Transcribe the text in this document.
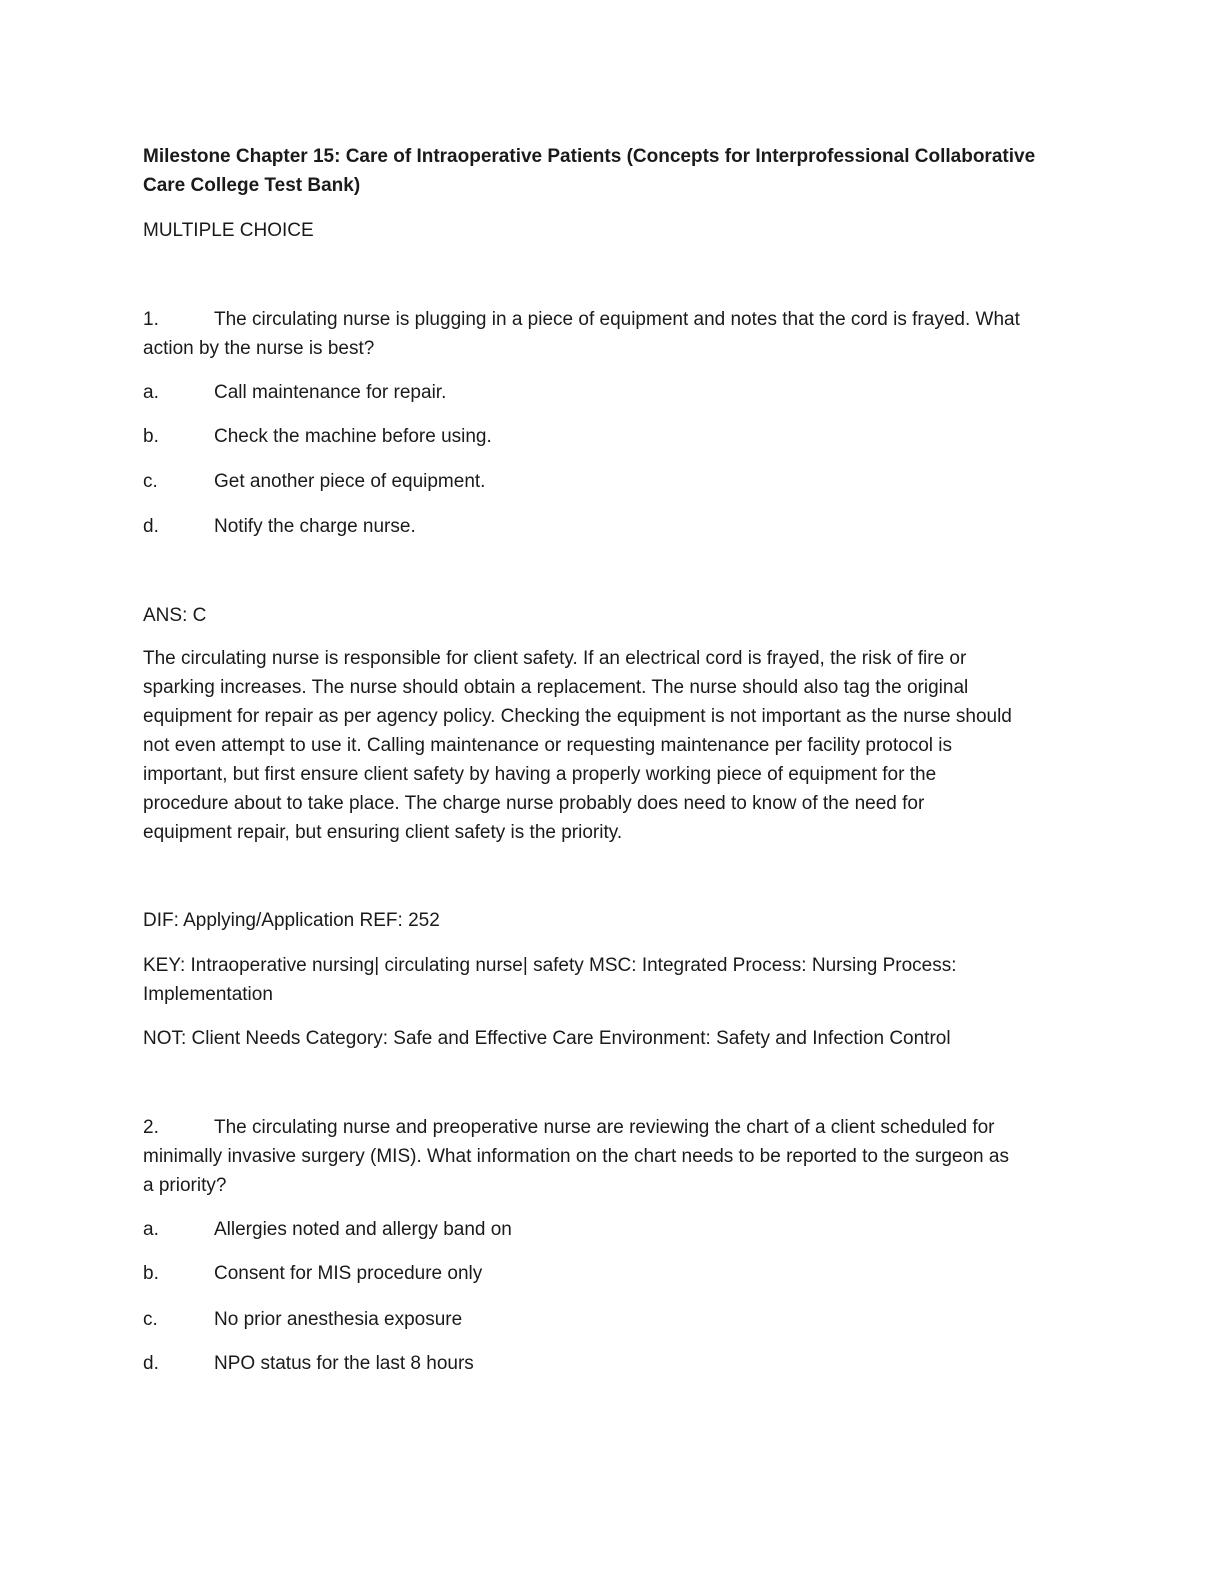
Milestone Chapter 15: Care of Intraoperative Patients (Concepts for Interprofessional Collaborative
Care College Test Bank)
MULTIPLE CHOICE
1.	The circulating nurse is plugging in a piece of equipment and notes that the cord is frayed. What
action by the nurse is best?
a.	Call maintenance for repair.
b.	Check the machine before using.
c.	Get another piece of equipment.
d.	Notify the charge nurse.
ANS: C
The circulating nurse is responsible for client safety. If an electrical cord is frayed, the risk of fire or
sparking increases. The nurse should obtain a replacement. The nurse should also tag the original
equipment for repair as per agency policy. Checking the equipment is not important as the nurse should
not even attempt to use it. Calling maintenance or requesting maintenance per facility protocol is
important, but first ensure client safety by having a properly working piece of equipment for the
procedure about to take place. The charge nurse probably does need to know of the need for
equipment repair, but ensuring client safety is the priority.
DIF: Applying/Application REF: 252
KEY: Intraoperative nursing| circulating nurse| safety MSC: Integrated Process: Nursing Process:
Implementation
NOT: Client Needs Category: Safe and Effective Care Environment: Safety and Infection Control
2.	The circulating nurse and preoperative nurse are reviewing the chart of a client scheduled for
minimally invasive surgery (MIS). What information on the chart needs to be reported to the surgeon as
a priority?
a.	Allergies noted and allergy band on
b.	Consent for MIS procedure only
c.	No prior anesthesia exposure
d.	NPO status for the last 8 hours
